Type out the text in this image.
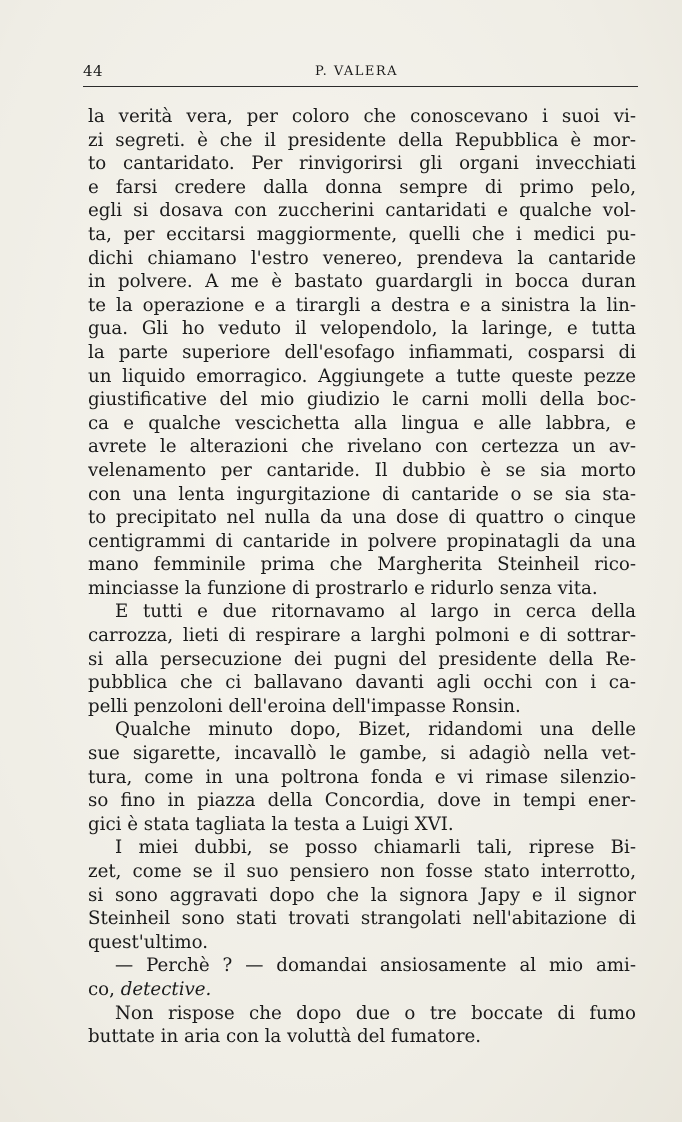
44	P. VALERA
la verità vera, per coloro che conoscevano i suoi vi-
zi segreti. è che il presidente della Repubblica è mor-
to cantaridato. Per rinvigorirsi gli organi invecchiati
e farsi credere dalla donna sempre di primo pelo,
egli si dosava con zuccherini cantaridati e qualche vol-
ta, per eccitarsi maggiormente, quelli che i medici pu-
dichi chiamano l'estro venereo, prendeva la cantaride
in polvere. A me è bastato guardargli in bocca duran
te la operazione e a tirargli a destra e a sinistra la lin-
gua. Gli ho veduto il velopendolo, la laringe, e tutta
la parte superiore dell'esofago infiammati, cosparsi di
un liquido emorragico. Aggiungete a tutte queste pezze
giustificative del mio giudizio le carni molli della boc-
ca e qualche vescichetta alla lingua e alle labbra, e
avrete le alterazioni che rivelano con certezza un av-
velenamento per cantaride. Il dubbio è se sia morto
con una lenta ingurgitazione di cantaride o se sia sta-
to precipitato nel nulla da una dose di quattro o cinque
centigrammi di cantaride in polvere propinatagli da una
mano femminile prima che Margherita Steinheil rico-
minciasse la funzione di prostrarlo e ridurlo senza vita.
E tutti e due ritornavamo al largo in cerca della
carrozza, lieti di respirare a larghi polmoni e di sottrar-
si alla persecuzione dei pugni del presidente della Re-
pubblica che ci ballavano davanti agli occhi con i ca-
pelli penzoloni dell'eroina dell'impasse Ronsin.
Qualche minuto dopo, Bizet, ridandomi una delle
sue sigarette, incavallò le gambe, si adagiò nella vet-
tura, come in una poltrona fonda e vi rimase silenzio-
so fino in piazza della Concordia, dove in tempi ener-
gici è stata tagliata la testa a Luigi XVI.
I miei dubbi, se posso chiamarli tali, riprese Bi-
zet, come se il suo pensiero non fosse stato interrotto,
si sono aggravati dopo che la signora Japy e il signor
Steinheil sono stati trovati strangolati nell'abitazione di
quest'ultimo.
— Perchè ? — domandai ansiosamente al mio ami-
co, detective.
Non rispose che dopo due o tre boccate di fumo
buttate in aria con la voluttà del fumatore.
